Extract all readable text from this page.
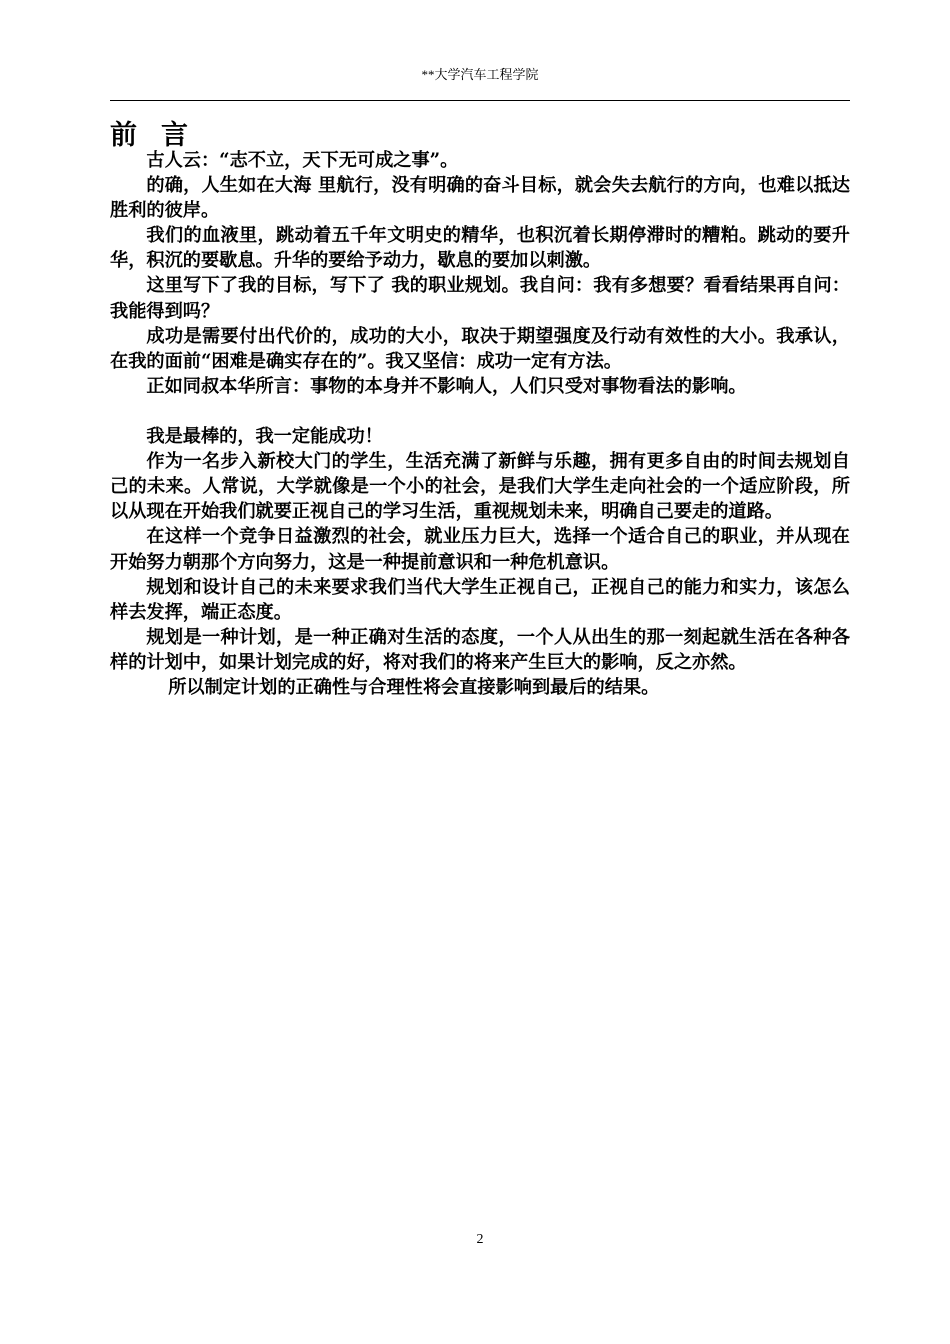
**大学汽车工程学院
前 言

古人云：“志不立，天下无可成之事”。

的确，人生如在大海 里航行，没有明确的奋斗目标，就会失去航行的方向，也难以抵达胜利的彼岸。

我们的血液里，跳动着五千年文明史的精华，也积沉着长期停滞时的糟粕。跳动的要升华，积沉的要歇息。升华的要给予动力，歇息的要加以刺激。

这里写下了我的目标，写下了 我的职业规划。我自问：我有多想要？看看结果再自问：我能得到吗？

成功是需要付出代价的，成功的大小，取决于期望强度及行动有效性的大小。我承认，在我的面前“困难是确实存在的”。我又坚信：成功一定有方法。

正如同叔本华所言：事物的本身并不影响人，人们只受对事物看法的影响。

我是最棒的，我一定能成功！

作为一名步入新校大门的学生，生活充满了新鲜与乐趣，拥有更多自由的时间去规划自己的未来。人常说，大学就像是一个小的社会，是我们大学生走向社会的一个适应阶段，所以从现在开始我们就要正视自己的学习生活，重视规划未来，明确自己要走的道路。

在这样一个竞争日益激烈的社会，就业压力巨大，选择一个适合自己的职业，并从现在开始努力朝那个方向努力，这是一种提前意识和一种危机意识。

规划和设计自己的未来要求我们当代大学生正视自己，正视自己的能力和实力，该怎么样去发挥，端正态度。

规划是一种计划，是一种正确对生活的态度，一个人从出生的那一刻起就生活在各种各样的计划中，如果计划完成的好，将对我们的将来产生巨大的影响，反之亦然。

所以制定计划的正确性与合理性将会直接影响到最后的结果。

2
